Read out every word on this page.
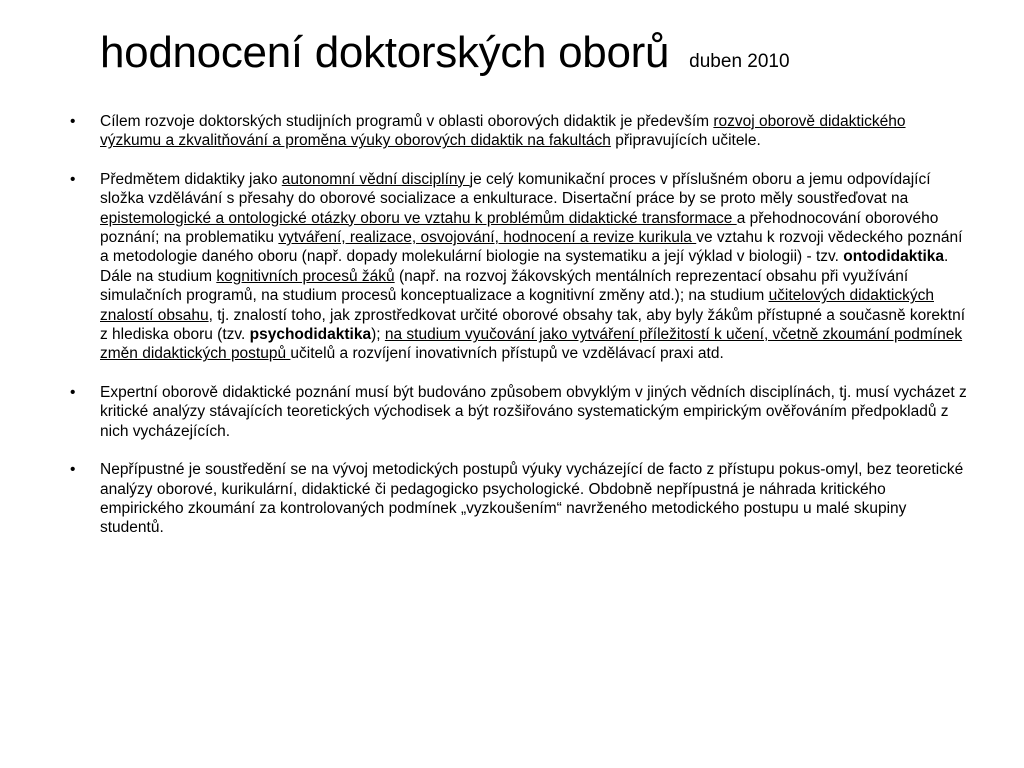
hodnocení doktorských oborů duben 2010
•	Cílem rozvoje doktorských studijních programů v oblasti oborových didaktik je především rozvoj oborově didaktického výzkumu a zkvalitňování a proměna výuky oborových didaktik na fakultách připravujících učitele.
•	Předmětem didaktiky jako autonomní vědní disciplíny je celý komunikační proces v příslušném oboru a jemu odpovídající složka vzdělávání s přesahy do oborové socializace a enkulturace. Disertační práce by se proto měly soustřeďovat na epistemologické a ontologické otázky oboru ve vztahu k problémům didaktické transformace a přehodnocování oborového poznání; na problematiku vytváření, realizace, osvojování, hodnocení a revize kurikula ve vztahu k rozvoji vědeckého poznání a metodologie daného oboru (např. dopady molekulární biologie na systematiku a její výklad v biologii) - tzv. ontodidaktika. Dále na studium kognitivních procesů žáků (např. na rozvoj žákovských mentálních reprezentací obsahu při využívání simulačních programů, na studium procesů konceptualizace a kognitivní změny atd.); na studium učitelových didaktických znalostí obsahu, tj. znalostí toho, jak zprostředkovat určité oborové obsahy tak, aby byly žákům přístupné a současně korektní z hlediska oboru (tzv. psychodidaktika); na studium vyučování jako vytváření příležitostí k učení, včetně zkoumání podmínek změn didaktických postupů učitelů a rozvíjení inovativních přístupů ve vzdělávací praxi atd.
•	Expertní oborově didaktické poznání musí být budováno způsobem obvyklým v jiných vědních disciplínách, tj. musí vycházet z kritické analýzy stávajících teoretických východisek a být rozšiřováno systematickým empirickým ověřováním předpokladů z nich vycházejících.
•	Nepřípustné je soustředění se na vývoj metodických postupů výuky vycházející de facto z přístupu pokus-omyl, bez teoretické analýzy oborové, kurikulární, didaktické či pedagogicko psychologické. Obdobně nepřípustná je náhrada kritického empirického zkoumání za kontrolovaných podmínek „vyzkoušením“ navrženého metodického postupu u malé skupiny studentů.
